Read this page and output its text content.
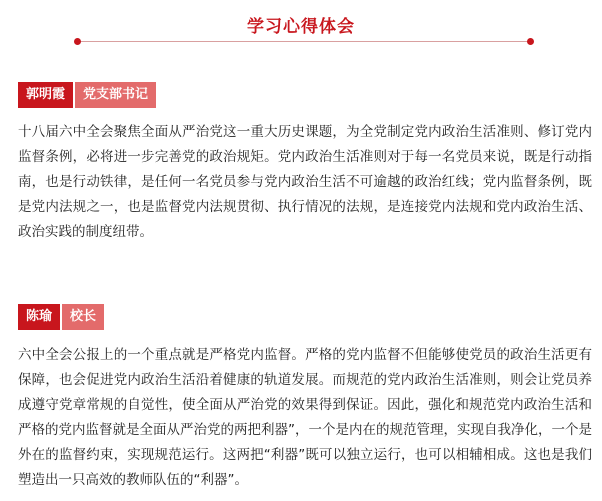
学习心得体会
郭明霞	党支部书记

十八届六中全会聚焦全面从严治党这一重大历史课题，为全党制定党内政治生活准则、修订党内监督条例，必将进一步完善党的政治规矩。党内政治生活准则对于每一名党员来说，既是行动指南，也是行动铁律，是任何一名党员参与党内政治生活不可逾越的政治红线；党内监督条例，既是党内法规之一，也是监督党内法规贯彻、执行情况的法规，是连接党内法规和党内政治生活、政治实践的制度纽带。

陈瑜	校长

六中全会公报上的一个重点就是严格党内监督。严格的党内监督不但能够使党员的政治生活更有保障，也会促进党内政治生活沿着健康的轨道发展。而规范的党内政治生活准则，则会让党员养成遵守党章常规的自觉性，使全面从严治党的效果得到保证。因此，强化和规范党内政治生活和严格的党内监督就是全面从严治党的两把利器”，一个是内在的规范管理，实现自我净化，一个是外在的监督约束，实现规范运行。这两把“利器”既可以独立运行，也可以相辅相成。这也是我们塑造出一只高效的教师队伍的“利器”。
